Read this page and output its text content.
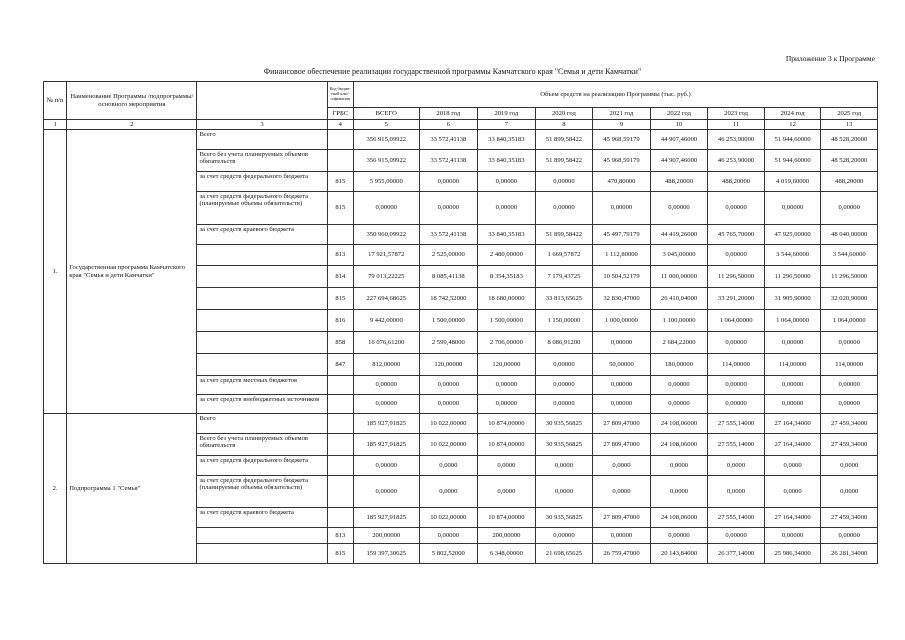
Приложение 3 к Программе
Финансовое обеспечение реализации государственной программы Камчатского края "Семья и дети Камчатки"
№ п/п	Наименование Программы /подпрограммы/ основного мероприятия		Код бюдже-тной клас-сификации	Объем средств на реализацию Программы (тыс. руб.)								
			ГРБС	ВСЕГО	2018 год	2019 год	2020 год	2021 год	2022 год	2023 год	2024 год	2025 год
1	2	3	4	5	6	7	8	9	10	11	12	13
1.	Государственная программа Камчатского края "Семья и дети Камчатки"	Всего		356 915,09922	33 572,41138	33 840,35183	51 899,58422	45 968,59179	44 907,46000	46 253,90000	51 944,60000	48 528,20000
		Всего без учета планируемых объемов обязательств		356 915,09922	33 572,41138	33 840,35183	51 899,58422	45 968,59179	44 907,46000	46 253,90000	51 944,60000	48 528,20000
		за счет средств федерального бюджета	815	5 955,00000	0,00000	0,00000	0,00000	470,80000	488,20000	488,20000	4 019,60000	488,20000
		за счет средств федерального бюджета (планируемые объемы обязательств)	815	0,00000	0,00000	0,00000	0,00000	0,00000	0,00000	0,00000	0,00000	0,00000
		за счет средств краевого бюджета		350 960,09922	33 572,41138	33 840,35183	51 899,58422	45 497,79179	44 419,26000	45 765,70000	47 925,00000	48 040,00000
			813	17 921,57872	2 525,00000	2 480,00000	1 669,57872	1 112,80000	3 045,00000	0,00000	3 544,60000	3 544,60000
			814	79 013,22225	8 085,41138	8 354,35183	7 179,43725	10 504,52179	11 000,00000	11 296,50000	11 296,50000	11 296,50000
			815	227 694,68625	18 742,52000	18 680,00000	33 813,65625	32 830,47000	26 410,04000	33 291,20000	31 905,90000	32 020,90000
			816	9 442,00000	1 500,00000	1 500,00000	1 150,00000	1 000,00000	1 100,00000	1 064,00000	1 064,00000	1 064,00000
			858	16 076,61200	2 599,48000	2 706,00000	8 086,91200	0,00000	2 684,22000	0,00000	0,00000	0,00000
			847	812,00000	120,00000	120,00000	0,00000	50,00000	180,00000	114,00000	114,00000	114,00000
		за счет средств местных бюджетов		0,00000	0,00000	0,00000	0,00000	0,00000	0,00000	0,00000	0,00000	0,00000
		за счет средств внебюджетных источников		0,00000	0,00000	0,00000	0,00000	0,00000	0,00000	0,00000	0,00000	0,00000
2.	Подпрограмма 1 "Семья"	Всего		185 927,91825	10 022,00000	10 874,00000	30 935,56825	27 809,47000	24 108,06000	27 555,14000	27 164,34000	27 459,34000
		Всего без учета планируемых объемов обязательств		185 927,91825	10 022,00000	10 874,00000	30 935,56825	27 809,47000	24 108,06000	27 555,14000	27 164,34000	27 459,34000
		за счет средств федерального бюджета		0,00000	0,0000	0,0000	0,0000	0,0000	0,0000	0,0000	0,0000	0,0000
		за счет средств федерального бюджета (планируемые объемы обязательств)		0,00000	0,0000	0,0000	0,0000	0,0000	0,0000	0,0000	0,0000	0,0000
		за счет средств краевого бюджета		185 927,91825	10 022,00000	10 874,00000	30 935,56825	27 809,47000	24 108,06000	27 555,14000	27 164,34000	27 459,34000
			813	200,00000	0,00000	200,00000	0,00000	0,00000	0,00000	0,00000	0,00000	0,00000
			815	159 397,30625	5 802,52000	6 348,00000	21 698,65625	26 759,47000	20 143,84000	26 377,14000	25 986,34000	26 281,34000
